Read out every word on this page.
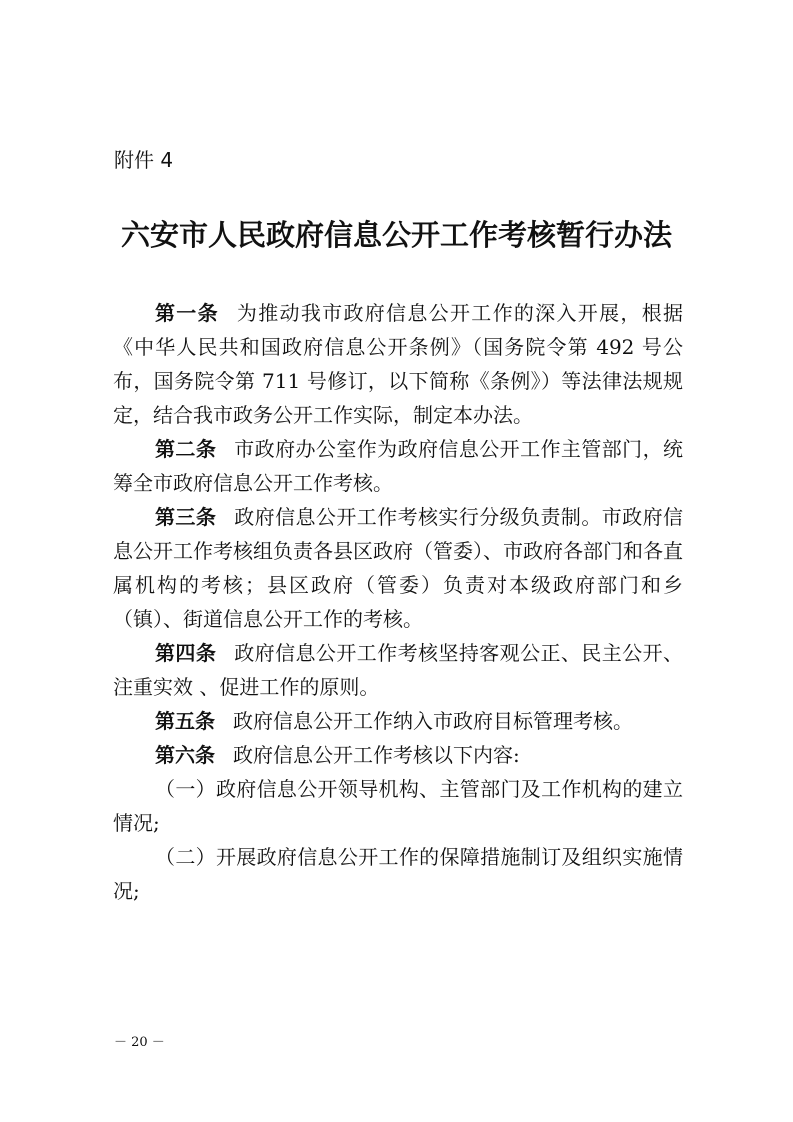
附件 4

六安市人民政府信息公开工作考核暂行办法

第一条 为推动我市政府信息公开工作的深入开展，根据《中华人民共和国政府信息公开条例》（国务院令第 492 号公布，国务院令第 711 号修订，以下简称《条例》）等法律法规规定，结合我市政务公开工作实际，制定本办法。

第二条 市政府办公室作为政府信息公开工作主管部门，统筹全市政府信息公开工作考核。

第三条 政府信息公开工作考核实行分级负责制。市政府信息公开工作考核组负责各县区政府（管委）、市政府各部门和各直属机构的考核；县区政府（管委）负责对本级政府部门和乡（镇）、街道信息公开工作的考核。

第四条 政府信息公开工作考核坚持客观公正、民主公开、注重实效 、促进工作的原则。

第五条 政府信息公开工作纳入市政府目标管理考核。

第六条 政府信息公开工作考核以下内容:

（一）政府信息公开领导机构、主管部门及工作机构的建立情况;

（二）开展政府信息公开工作的保障措施制订及组织实施情况;

－ 20 －
